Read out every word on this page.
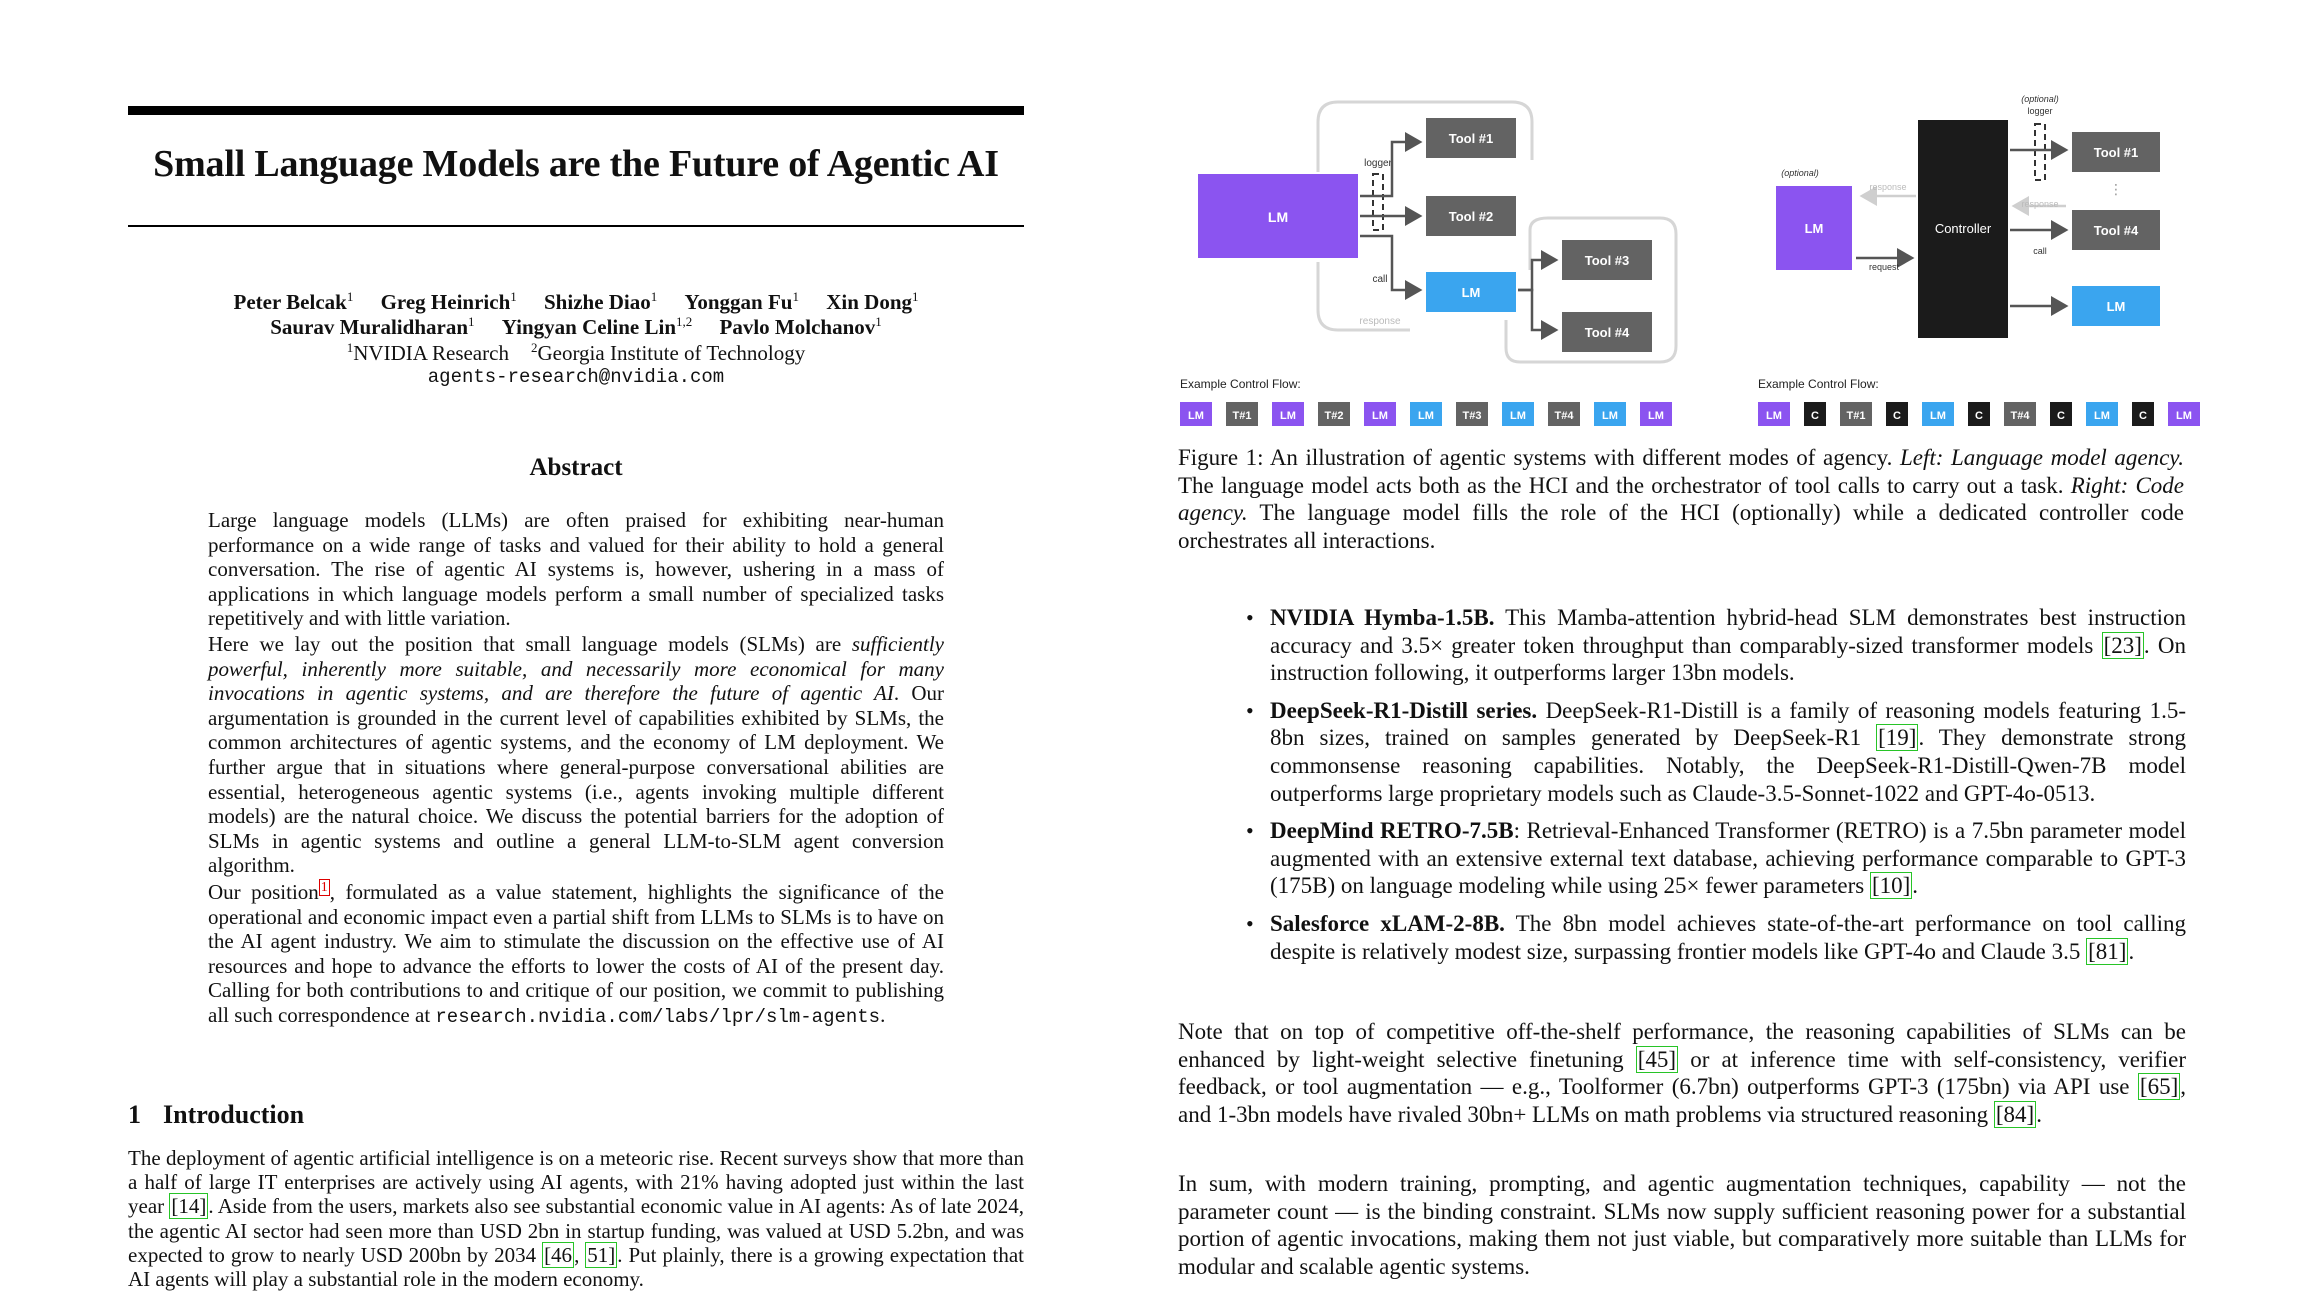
Small Language Models are the Future of Agentic AI
Peter Belcak$^1$ Greg Heinrich$^1$ Shizhe Diao$^1$ Yonggan Fu$^1$ Xin Dong$^1$
Saurav Muralidharan$^1$ Yingyan Celine Lin$^{1,2}$ Pavlo Molchanov$^1$
$^1$NVIDIA Research $^2$Georgia Institute of Technology
agents-research@nvidia.com
Abstract

Large language models (LLMs) are often praised for exhibiting near-human performance on a wide range of tasks and valued for their ability to hold a general conversation. The rise of agentic AI systems is, however, ushering in a mass of applications in which language models perform a small number of specialized tasks repetitively and with little variation.

Here we lay out the position that small language models (SLMs) are sufficiently powerful, inherently more suitable, and necessarily more economical for many invocations in agentic systems, and are therefore the future of agentic AI. Our argumentation is grounded in the current level of capabilities exhibited by SLMs, the common architectures of agentic systems, and the economy of LM deployment. We further argue that in situations where general-purpose conversational abilities are essential, heterogeneous agentic systems (i.e., agents invoking multiple different models) are the natural choice. We discuss the potential barriers for the adoption of SLMs in agentic systems and outline a general LLM-to-SLM agent conversion algorithm.

Our position $^1$, formulated as a value statement, highlights the significance of the operational and economic impact even a partial shift from LLMs to SLMs is to have on the AI agent industry. We aim to stimulate the discussion on the effective use of AI resources and hope to advance the efforts to lower the costs of AI of the present day. Calling for both contributions to and critique of our position, we commit to publishing all such correspondence at research.nvidia.com/labs/lpr/slm-agents.

1 Introduction
The deployment of agentic artificial intelligence is on a meteoric rise. Recent surveys show that more than a half of large IT enterprises are actively using AI agents, with 21% having adopted just within the last year [14]. Aside from the users, markets also see substantial economic value in AI agents: As of late 2024, the agentic AI sector had seen more than USD 2bn in startup funding, was valued at USD 5.2bn, and was expected to grow to nearly USD 200bn by 2034 [46, 51]. Put plainly, there is a growing expectation that AI agents will play a substantial role in the modern economy.
LM
logger
Tool #1
Tool #2
call
response
LM
Tool #3
Tool #4
Example Control Flow:
LM	T#1	LM	T#2	LM	LM	T#3	LM	T#4	LM	LM
(optional)
LM
response
request
Controller
(optional)
logger
response
call
Tool #1
⋮
Tool #4
LM
Example Control Flow:
LM	C	T#1	C	LM	C	T#4	C	LM	C	LM
Figure 1: An illustration of agentic systems with different modes of agency. Left: Language model agency. The language model acts both as the HCI and the orchestrator of tool calls to carry out a task. Right: Code agency. The language model fills the role of the HCI (optionally) while a dedicated controller code orchestrates all interactions.
• NVIDIA Hymba-1.5B. This Mamba-attention hybrid-head SLM demonstrates best instruction accuracy and 3.5× greater token throughput than comparably-sized transformer models [23]. On instruction following, it outperforms larger 13bn models.
• DeepSeek-R1-Distill series. DeepSeek-R1-Distill is a family of reasoning models featuring 1.5-8bn sizes, trained on samples generated by DeepSeek-R1 [19]. They demonstrate strong commonsense reasoning capabilities. Notably, the DeepSeek-R1-Distill-Qwen-7B model outperforms large proprietary models such as Claude-3.5-Sonnet-1022 and GPT-4o-0513.
• DeepMind RETRO-7.5B: Retrieval-Enhanced Transformer (RETRO) is a 7.5bn parameter model augmented with an extensive external text database, achieving performance comparable to GPT-3 (175B) on language modeling while using 25× fewer parameters [10].
• Salesforce xLAM-2-8B. The 8bn model achieves state-of-the-art performance on tool calling despite is relatively modest size, surpassing frontier models like GPT-4o and Claude 3.5 [81].

Note that on top of competitive off-the-shelf performance, the reasoning capabilities of SLMs can be enhanced by light-weight selective finetuning [45] or at inference time with self-consistency, verifier feedback, or tool augmentation — e.g., Toolformer (6.7bn) outperforms GPT-3 (175bn) via API use [65], and 1-3bn models have rivaled 30bn+ LLMs on math problems via structured reasoning [84].

In sum, with modern training, prompting, and agentic augmentation techniques, capability — not the parameter count — is the binding constraint. SLMs now supply sufficient reasoning power for a substantial portion of agentic invocations, making them not just viable, but comparatively more suitable than LLMs for modular and scalable agentic systems.
